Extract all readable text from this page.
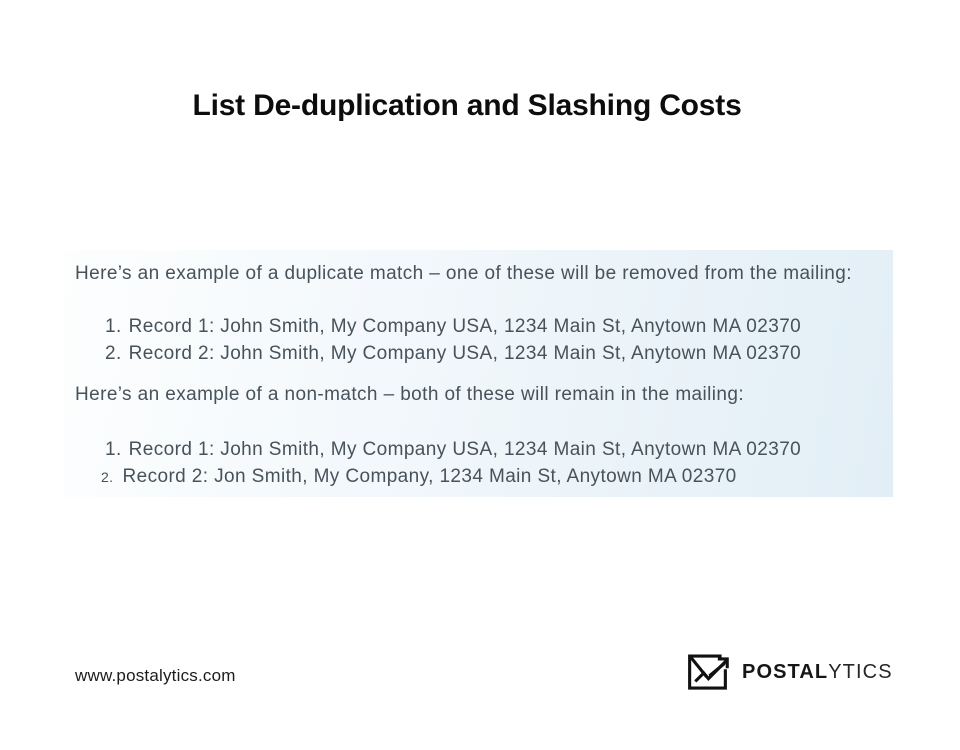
List De-duplication and Slashing Costs
Here’s an example of a duplicate match – one of these will be removed from the mailing:
1. Record 1: John Smith, My Company USA, 1234 Main St, Anytown MA 02370
2. Record 2: John Smith, My Company USA, 1234 Main St, Anytown MA 02370
Here’s an example of a non-match – both of these will remain in the mailing:
1. Record 1: John Smith, My Company USA, 1234 Main St, Anytown MA 02370
2. Record 2: Jon Smith, My Company, 1234 Main St, Anytown MA 02370
www.postalytics.com	POSTALYTICS
